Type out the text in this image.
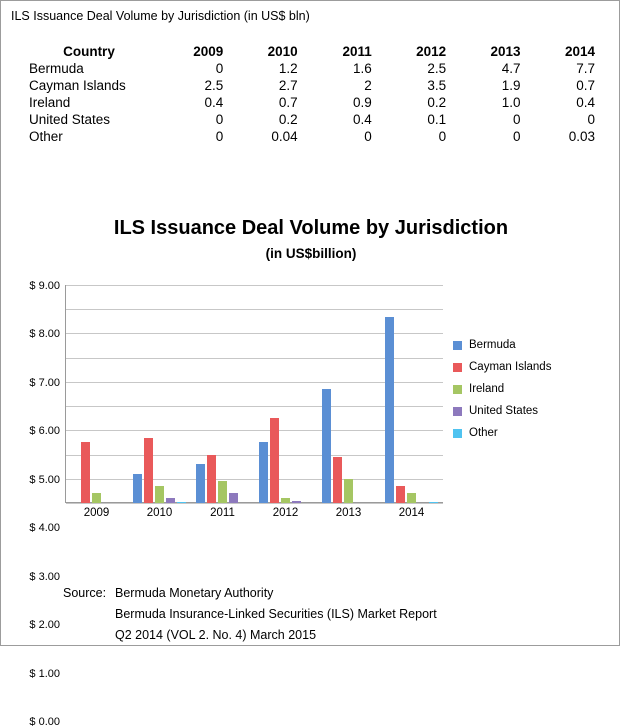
ILS Issuance Deal Volume by Jurisdiction (in US$ bln)
Country	2009	2010	2011	2012	2013	2014
Bermuda	0	1.2	1.6	2.5	4.7	7.7
Cayman Islands	2.5	2.7	2	3.5	1.9	0.7
Ireland	0.4	0.7	0.9	0.2	1.0	0.4
United States	0	0.2	0.4	0.1	0	0
Other	0	0.04	0	0	0	0.03
ILS Issuance Deal Volume by Jurisdiction
(in US$billion)
$ 0.00
$ 1.00
$ 2.00
$ 3.00
$ 4.00
$ 5.00
$ 6.00
$ 7.00
$ 8.00
$ 9.00
2009	2010	2011	2012	2013	2014
Bermuda
Cayman Islands
Ireland
United States
Other
Source: Bermuda Monetary Authority
Bermuda Insurance-Linked Securities (ILS) Market Report
Q2 2014 (VOL 2. No. 4) March 2015
